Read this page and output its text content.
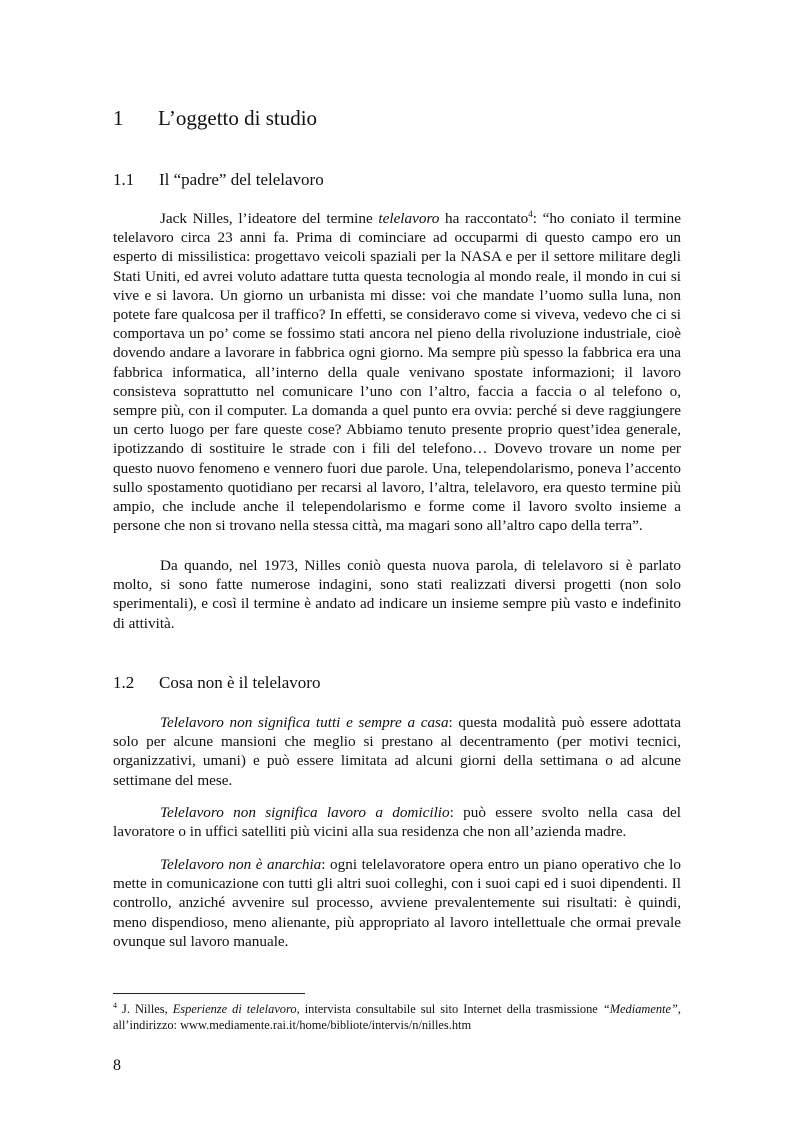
1 L’oggetto di studio
1.1 Il “padre” del telelavoro

Jack Nilles, l’ideatore del termine telelavoro ha raccontato$^4$: “ho coniato il termine telelavoro circa 23 anni fa. Prima di cominciare ad occuparmi di questo campo ero un esperto di missilistica: progettavo veicoli spaziali per la NASA e per il settore militare degli Stati Uniti, ed avrei voluto adattare tutta questa tecnologia al mondo reale, il mondo in cui si vive e si lavora. Un giorno un urbanista mi disse: voi che mandate l’uomo sulla luna, non potete fare qualcosa per il traffico? In effetti, se consideravo come si viveva, vedevo che ci si comportava un po’ come se fossimo stati ancora nel pieno della rivoluzione industriale, cioè dovendo andare a lavorare in fabbrica ogni giorno. Ma sempre più spesso la fabbrica era una fabbrica informatica, all’interno della quale venivano spostate informazioni; il lavoro consisteva soprattutto nel comunicare l’uno con l’altro, faccia a faccia o al telefono o, sempre più, con il computer. La domanda a quel punto era ovvia: perché si deve raggiungere un certo luogo per fare queste cose? Abbiamo tenuto presente proprio quest’idea generale, ipotizzando di sostituire le strade con i fili del telefono… Dovevo trovare un nome per questo nuovo fenomeno e vennero fuori due parole. Una, telependolarismo, poneva l’accento sullo spostamento quotidiano per recarsi al lavoro, l’altra, telelavoro, era questo termine più ampio, che include anche il telependolarismo e forme come il lavoro svolto insieme a persone che non si trovano nella stessa città, ma magari sono all’altro capo della terra”.

Da quando, nel 1973, Nilles coniò questa nuova parola, di telelavoro si è parlato molto, si sono fatte numerose indagini, sono stati realizzati diversi progetti (non solo sperimentali), e così il termine è andato ad indicare un insieme sempre più vasto e indefinito di attività.

1.2 Cosa non è il telelavoro

Telelavoro non significa tutti e sempre a casa: questa modalità può essere adottata solo per alcune mansioni che meglio si prestano al decentramento (per motivi tecnici, organizzativi, umani) e può essere limitata ad alcuni giorni della settimana o ad alcune settimane del mese.

Telelavoro non significa lavoro a domicilio: può essere svolto nella casa del lavoratore o in uffici satelliti più vicini alla sua residenza che non all’azienda madre.

Telelavoro non è anarchia: ogni telelavoratore opera entro un piano operativo che lo mette in comunicazione con tutti gli altri suoi colleghi, con i suoi capi ed i suoi dipendenti. Il controllo, anziché avvenire sul processo, avviene prevalentemente sui risultati: è quindi, meno dispendioso, meno alienante, più appropriato al lavoro intellettuale che ormai prevale ovunque sul lavoro manuale.

$^4$ J. Nilles, Esperienze di telelavoro, intervista consultabile sul sito Internet della trasmissione “Mediamente”, all’indirizzo: www.mediamente.rai.it/home/bibliote/intervis/n/nilles.htm

8
